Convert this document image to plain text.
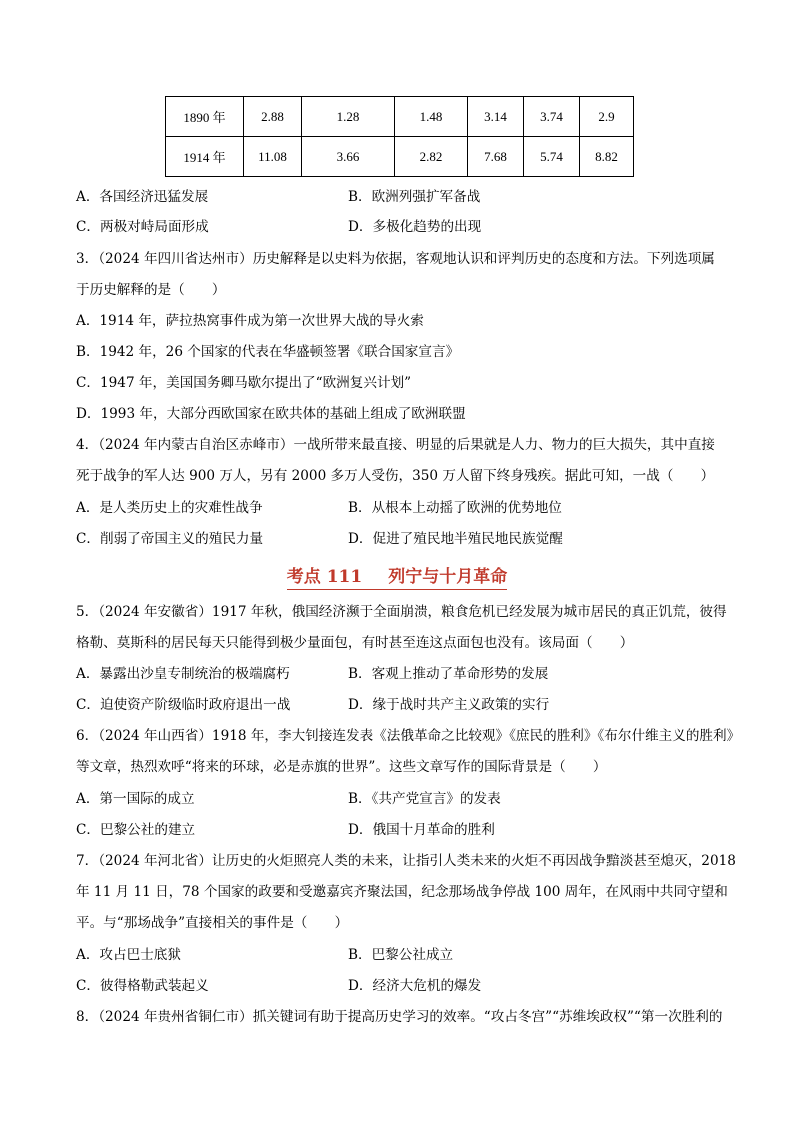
1890 年	2.88	1.28	1.48	3.14	3.74	2.9
1914 年	11.08	3.66	2.82	7.68	5.74	8.82
A．各国经济迅猛发展	B．欧洲列强扩军备战
C．两极对峙局面形成	D．多极化趋势的出现
3．（2024 年四川省达州市）历史解释是以史料为依据，客观地认识和评判历史的态度和方法。下列选项属
于历史解释的是（　　）
A．1914 年，萨拉热窝事件成为第一次世界大战的导火索
B．1942 年，26 个国家的代表在华盛顿签署《联合国家宣言》
C．1947 年，美国国务卿马歇尔提出了“欧洲复兴计划”
D．1993 年，大部分西欧国家在欧共体的基础上组成了欧洲联盟
4．（2024 年内蒙古自治区赤峰市）一战所带来最直接、明显的后果就是人力、物力的巨大损失，其中直接
死于战争的军人达 900 万人，另有 2000 多万人受伤，350 万人留下终身残疾。据此可知，一战（　　）
A．是人类历史上的灾难性战争	B．从根本上动摇了欧洲的优势地位
C．削弱了帝国主义的殖民力量	D．促进了殖民地半殖民地民族觉醒
考点 111 列宁与十月革命
5．（2024 年安徽省）1917 年秋，俄国经济濒于全面崩溃，粮食危机已经发展为城市居民的真正饥荒，彼得
格勒、莫斯科的居民每天只能得到极少量面包，有时甚至连这点面包也没有。该局面（　　）
A．暴露出沙皇专制统治的极端腐朽	B．客观上推动了革命形势的发展
C．迫使资产阶级临时政府退出一战	D．缘于战时共产主义政策的实行
6．（2024 年山西省）1918 年，李大钊接连发表《法俄革命之比较观》《庶民的胜利》《布尔什维主义的胜利》
等文章，热烈欢呼“将来的环球，必是赤旗的世界”。这些文章写作的国际背景是（　　）
A．第一国际的成立	B．《共产党宣言》的发表
C．巴黎公社的建立	D．俄国十月革命的胜利
7．（2024 年河北省）让历史的火炬照亮人类的未来，让指引人类未来的火炬不再因战争黯淡甚至熄灭，2018
年 11 月 11 日，78 个国家的政要和受邀嘉宾齐聚法国，纪念那场战争停战 100 周年，在风雨中共同守望和
平。与“那场战争”直接相关的事件是（　　）
A．攻占巴士底狱	B．巴黎公社成立
C．彼得格勒武装起义	D．经济大危机的爆发
8．（2024 年贵州省铜仁市）抓关键词有助于提高历史学习的效率。“攻占冬宫”“苏维埃政权”“第一次胜利的
